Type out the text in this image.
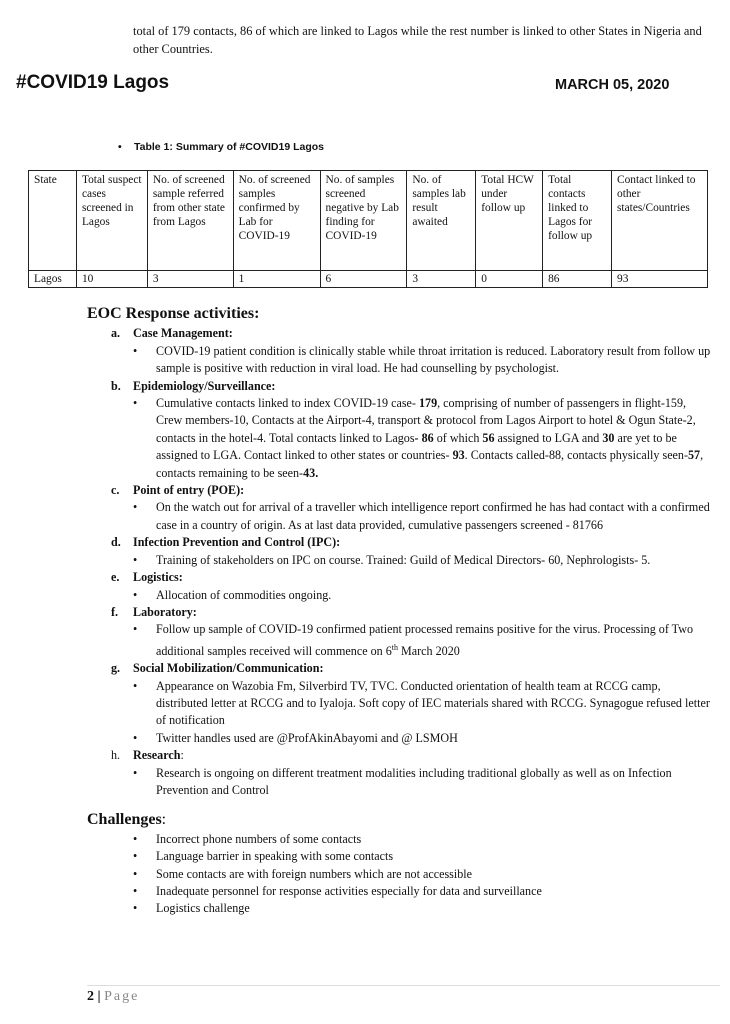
total of 179 contacts, 86 of which are linked to Lagos while the rest number is linked to other States in Nigeria and other Countries.
#COVID19 Lagos	MARCH 05, 2020
• Table 1: Summary of #COVID19 Lagos
State	Total suspect cases screened in Lagos	No. of screened sample referred from other state from Lagos	No. of screened samples confirmed by Lab for COVID-19	No. of samples screened negative by Lab finding for COVID-19	No. of samples lab result awaited	Total HCW under follow up	Total contacts linked to Lagos for follow up	Contact linked to other states/Countries
Lagos	10	3	1	6	3	0	86	93
EOC Response activities:
a.	Case Management:
•	COVID-19 patient condition is clinically stable while throat irritation is reduced. Laboratory result from follow up sample is positive with reduction in viral load. He had counselling by psychologist.
b.	Epidemiology/Surveillance:
•	Cumulative contacts linked to index COVID-19 case- 179, comprising of number of passengers in flight-159, Crew members-10, Contacts at the Airport-4, transport & protocol from Lagos Airport to hotel & Ogun State-2, contacts in the hotel-4. Total contacts linked to Lagos- 86 of which 56 assigned to LGA and 30 are yet to be assigned to LGA. Contact linked to other states or countries- 93. Contacts called-88, contacts physically seen-57, contacts remaining to be seen-43.
c.	Point of entry (POE):
•	On the watch out for arrival of a traveller which intelligence report confirmed he has had contact with a confirmed case in a country of origin. As at last data provided, cumulative passengers screened - 81766
d.	Infection Prevention and Control (IPC):
•	Training of stakeholders on IPC on course. Trained: Guild of Medical Directors- 60, Nephrologists- 5.
e.	Logistics:
•	Allocation of commodities ongoing.
f.	Laboratory:
•	Follow up sample of COVID-19 confirmed patient processed remains positive for the virus. Processing of Two additional samples received will commence on 6th March 2020
g.	Social Mobilization/Communication:
•	Appearance on Wazobia Fm, Silverbird TV, TVC. Conducted orientation of health team at RCCG camp, distributed letter at RCCG and to Iyaloja. Soft copy of IEC materials shared with RCCG. Synagogue refused letter of notification
•	Twitter handles used are @ProfAkinAbayomi and @ LSMOH
h.	Research:
•	Research is ongoing on different treatment modalities including traditional globally as well as on Infection Prevention and Control
Challenges:
•	Incorrect phone numbers of some contacts
•	Language barrier in speaking with some contacts
•	Some contacts are with foreign numbers which are not accessible
•	Inadequate personnel for response activities especially for data and surveillance
•	Logistics challenge
2 | Page
